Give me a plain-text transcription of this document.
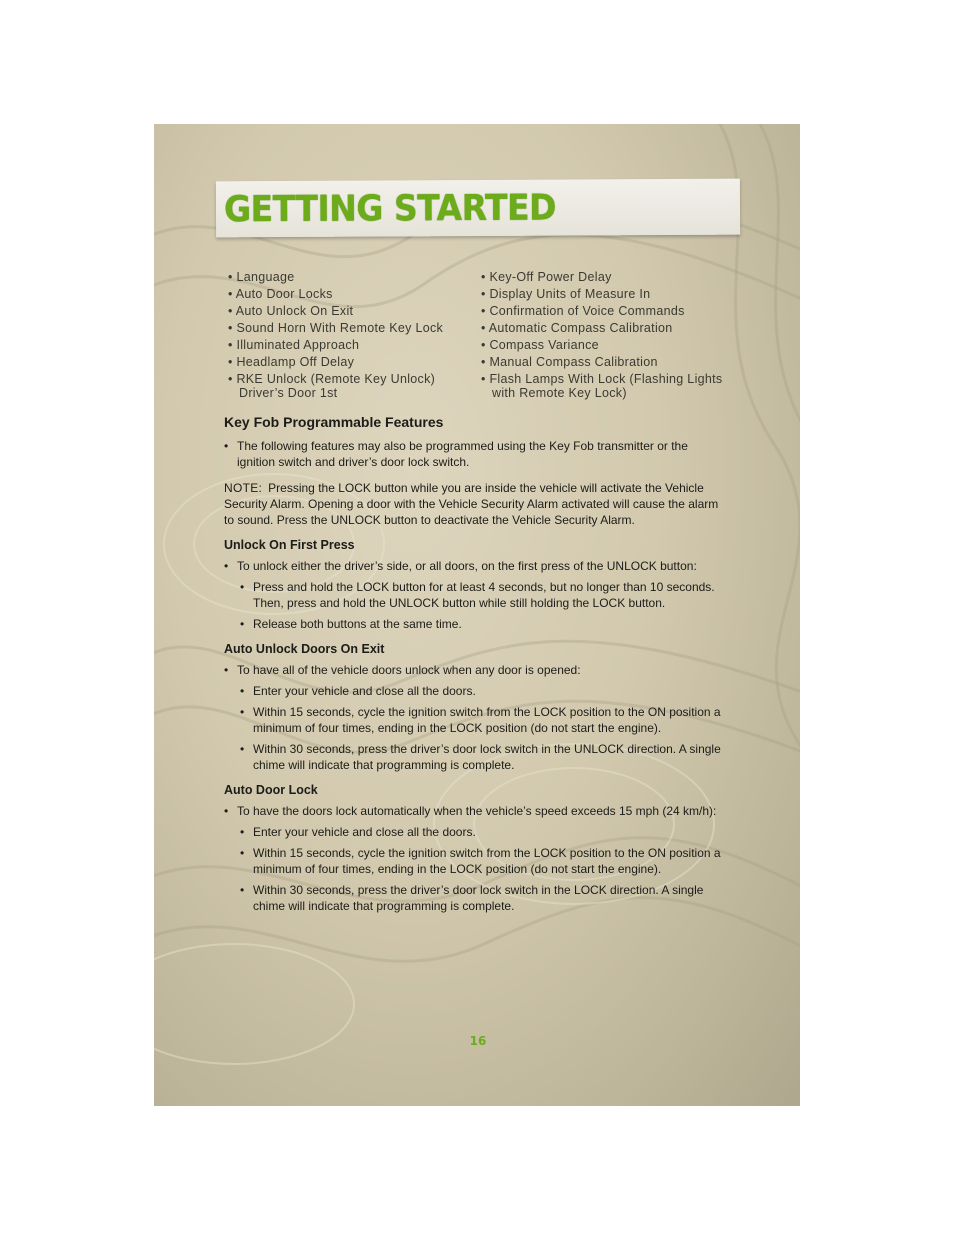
GETTING STARTED
• Language
• Auto Door Locks
• Auto Unlock On Exit
• Sound Horn With Remote Key Lock
• Illuminated Approach
• Headlamp Off Delay
• RKE Unlock (Remote Key Unlock) Driver’s Door 1st
• Key-Off Power Delay
• Display Units of Measure In
• Confirmation of Voice Commands
• Automatic Compass Calibration
• Compass Variance
• Manual Compass Calibration
• Flash Lamps With Lock (Flashing Lights with Remote Key Lock)
Key Fob Programmable Features
• The following features may also be programmed using the Key Fob transmitter or the ignition switch and driver’s door lock switch.
NOTE: Pressing the LOCK button while you are inside the vehicle will activate the Vehicle Security Alarm. Opening a door with the Vehicle Security Alarm activated will cause the alarm to sound. Press the UNLOCK button to deactivate the Vehicle Security Alarm.
Unlock On First Press
• To unlock either the driver’s side, or all doors, on the first press of the UNLOCK button:
• Press and hold the LOCK button for at least 4 seconds, but no longer than 10 seconds. Then, press and hold the UNLOCK button while still holding the LOCK button.
• Release both buttons at the same time.
Auto Unlock Doors On Exit
• To have all of the vehicle doors unlock when any door is opened:
• Enter your vehicle and close all the doors.
• Within 15 seconds, cycle the ignition switch from the LOCK position to the ON position a minimum of four times, ending in the LOCK position (do not start the engine).
• Within 30 seconds, press the driver’s door lock switch in the UNLOCK direction. A single chime will indicate that programming is complete.
Auto Door Lock
• To have the doors lock automatically when the vehicle’s speed exceeds 15 mph (24 km/h):
• Enter your vehicle and close all the doors.
• Within 15 seconds, cycle the ignition switch from the LOCK position to the ON position a minimum of four times, ending in the LOCK position (do not start the engine).
• Within 30 seconds, press the driver’s door lock switch in the LOCK direction. A single chime will indicate that programming is complete.
16
